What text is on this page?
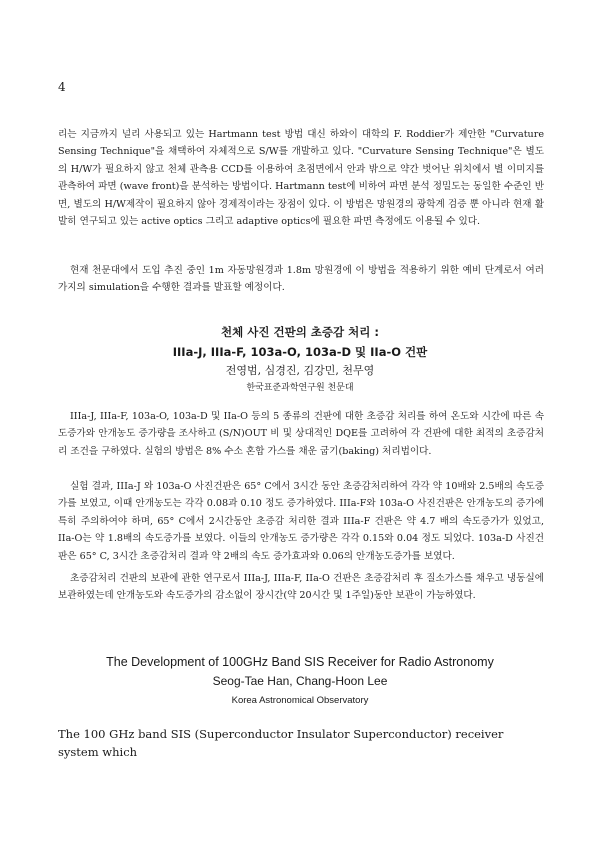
4

리는 지금까지 널리 사용되고 있는 Hartmann test 방법 대신 하와이 대학의 F. Roddier가 제안한 "Curvature Sensing Technique"을 채택하여 자체적으로 S/W를 개발하고 있다. "Curvature Sensing Technique"은 별도의 H/W가 필요하지 않고 천체 관측용 CCD를 이용하여 초점면에서 안과 밖으로 약간 벗어난 위치에서 별 이미지를 관측하여 파면 (wave front)을 분석하는 방법이다. Hartmann test에 비하여 파면 분석 정밀도는 동일한 수준인 반면, 별도의 H/W제작이 필요하지 않아 경제적이라는 장점이 있다. 이 방법은 망원경의 광학계 검증 뿐 아니라 현재 활발히 연구되고 있는 active optics 그리고 adaptive optics에 필요한 파면 측정에도 이용될 수 있다.

현재 천문대에서 도입 추진 중인 1m 자동망원경과 1.8m 망원경에 이 방법을 적용하기 위한 예비 단계로서 여러가지의 simulation을 수행한 결과를 발표할 예정이다.

천체 사진 건판의 초증감 처리 :

IIIa-J, IIIa-F, 103a-O, 103a-D 및 IIa-O 건판

전영범, 심경진, 김강민, 천무영

한국표준과학연구원 천문대

IIIa-J, IIIa-F, 103a-O, 103a-D 및 IIa-O 등의 5 종류의 건판에 대한 초증감 처리를 하여 온도와 시간에 따른 속도증가와 안개농도 증가량을 조사하고 (S/N)OUT 비 및 상대적인 DQE를 고려하여 각 건판에 대한 최적의 초증감처리 조건을 구하였다. 실험의 방법은 8% 수소 혼합 가스를 채운 굽기(baking) 처리법이다.

실험 결과, IIIa-J 와 103a-O 사진건판은 65° C에서 3시간 동안 초증감처리하여 각각 약 10배와 2.5배의 속도증가를 보였고, 이때 안개농도는 각각 0.08과 0.10 정도 증가하였다. IIIa-F와 103a-O 사진건판은 안개농도의 증가에 특히 주의하여야 하며, 65° C에서 2시간동안 초증감 처리한 결과 IIIa-F 건판은 약 4.7 배의 속도증가가 있었고, IIa-O는 약 1.8배의 속도증가를 보였다. 이들의 안개농도 증가량은 각각 0.15와 0.04 정도 되었다. 103a-D 사진건판은 65° C, 3시간 초증감처리 결과 약 2배의 속도 증가효과와 0.06의 안개농도증가를 보였다.

초증감처리 건판의 보관에 관한 연구로서 IIIa-J, IIIa-F, IIa-O 건판은 초증감처리 후 질소가스를 채우고 냉동실에 보관하였는데 안개농도와 속도증가의 감소없이 장시간(약 20시간 및 1주일)동안 보관이 가능하였다.

The Development of 100GHz Band SIS Receiver for Radio Astronomy

Seog-Tae Han, Chang-Hoon Lee

Korea Astronomical Observatory

The 100 GHz band SIS (Superconductor Insulator Superconductor) receiver system which
